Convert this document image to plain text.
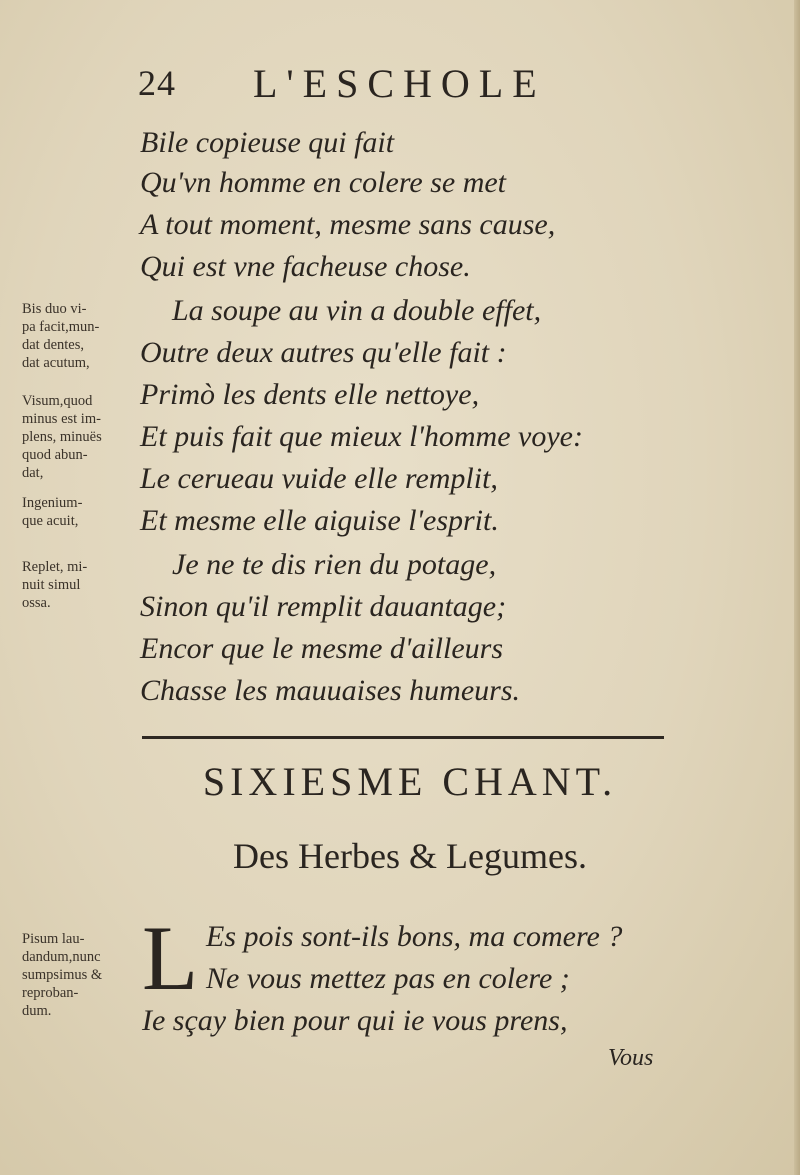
24 L'ESCHOLE
Bile copieuse qui fait
Qu'vn homme en colere se met
A tout moment, mesme sans cause,
Qui est vne facheuse chose.
La soupe au vin a double effet,
Outre deux autres qu'elle fait :
Primò les dents elle nettoye,
Et puis fait que mieux l'homme voye:
Le cerueau vuide elle remplit,
Et mesme elle aiguise l'esprit.
Je ne te dis rien du potage,
Sinon qu'il remplit dauantage;
Encor que le mesme d'ailleurs
Chasse les mauuaises humeurs.
Bis duo vi-
pa facit,mun-
dat dentes,
dat acutum,
Visum,quod
minus est im-
plens, minuës
quod abun-
dat,
Ingenium-
que acuit,
Replet, mi-
nuit simul
ossa.
Pisum lau-
dandum,nunc
sumpsimus &
reproban-
dum.
SIXIESME CHANT.
Des Herbes & Legumes.
L Es pois sont-ils bons, ma comere ?
Ne vous mettez pas en colere ;
Ie sçay bien pour qui ie vous prens,
Vous
